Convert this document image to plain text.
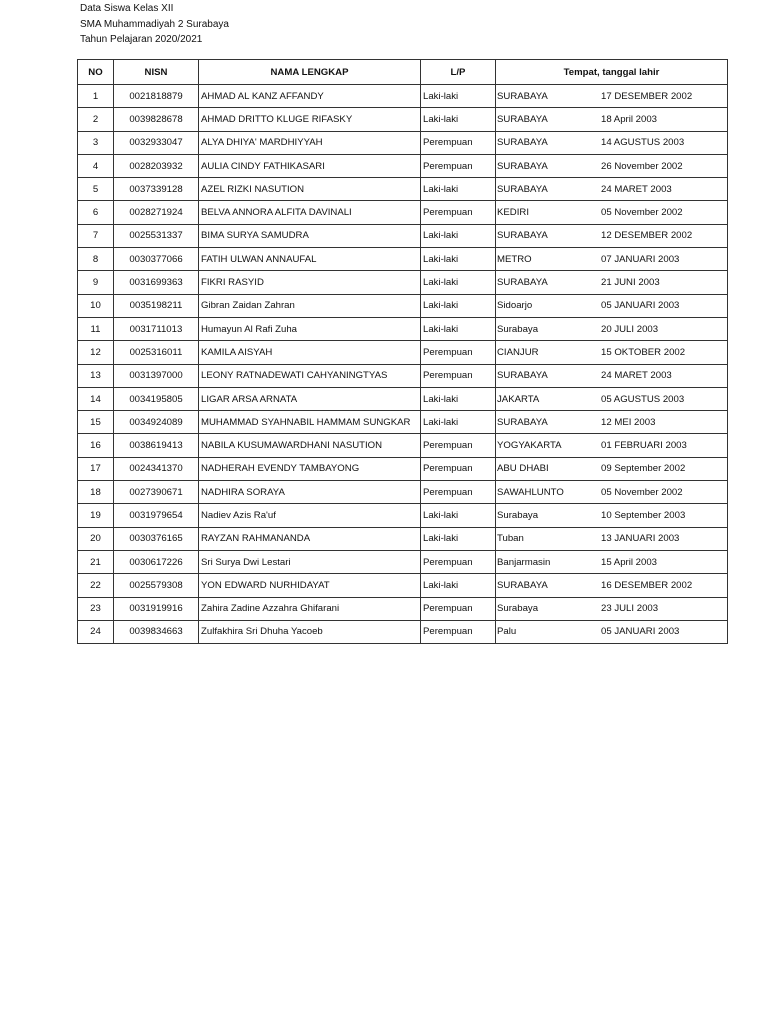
Data Siswa Kelas XII
SMA Muhammadiyah 2 Surabaya
Tahun Pelajaran 2020/2021
NO	NISN	NAMA LENGKAP	L/P	Tempat, tanggal lahir
1	0021818879	AHMAD AL KANZ AFFANDY	Laki-laki	SURABAYA 17 DESEMBER 2002
2	0039828678	AHMAD DRITTO KLUGE RIFASKY	Laki-laki	SURABAYA 18 April 2003
3	0032933047	ALYA DHIYA' MARDHIYYAH	Perempuan	SURABAYA 14 AGUSTUS 2003
4	0028203932	AULIA CINDY FATHIKASARI	Perempuan	SURABAYA 26 November 2002
5	0037339128	AZEL RIZKI NASUTION	Laki-laki	SURABAYA 24 MARET 2003
6	0028271924	BELVA ANNORA ALFITA DAVINALI	Perempuan	KEDIRI 05 November 2002
7	0025531337	BIMA SURYA SAMUDRA	Laki-laki	SURABAYA 12 DESEMBER 2002
8	0030377066	FATIH ULWAN ANNAUFAL	Laki-laki	METRO 07 JANUARI 2003
9	0031699363	FIKRI RASYID	Laki-laki	SURABAYA 21 JUNI 2003
10	0035198211	Gibran Zaidan Zahran	Laki-laki	Sidoarjo 05 JANUARI 2003
11	0031711013	Humayun Al Rafi Zuha	Laki-laki	Surabaya 20 JULI 2003
12	0025316011	KAMILA AISYAH	Perempuan	CIANJUR 15 OKTOBER 2002
13	0031397000	LEONY RATNADEWATI CAHYANINGTYAS	Perempuan	SURABAYA 24 MARET 2003
14	0034195805	LIGAR ARSA ARNATA	Laki-laki	JAKARTA 05 AGUSTUS 2003
15	0034924089	MUHAMMAD SYAHNABIL HAMMAM SUNGKAR	Laki-laki	SURABAYA 12 MEI 2003
16	0038619413	NABILA KUSUMAWARDHANI NASUTION	Perempuan	YOGYAKARTA 01 FEBRUARI 2003
17	0024341370	NADHERAH EVENDY TAMBAYONG	Perempuan	ABU DHABI 09 September 2002
18	0027390671	NADHIRA SORAYA	Perempuan	SAWAHLUNTO 05 November 2002
19	0031979654	Nadiev Azis Ra'uf	Laki-laki	Surabaya 10 September 2003
20	0030376165	RAYZAN RAHMANANDA	Laki-laki	Tuban 13 JANUARI 2003
21	0030617226	Sri Surya Dwi Lestari	Perempuan	Banjarmasin 15 April 2003
22	0025579308	YON EDWARD NURHIDAYAT	Laki-laki	SURABAYA 16 DESEMBER 2002
23	0031919916	Zahira Zadine Azzahra Ghifarani	Perempuan	Surabaya 23 JULI 2003
24	0039834663	Zulfakhira Sri Dhuha Yacoeb	Perempuan	Palu 05 JANUARI 2003
